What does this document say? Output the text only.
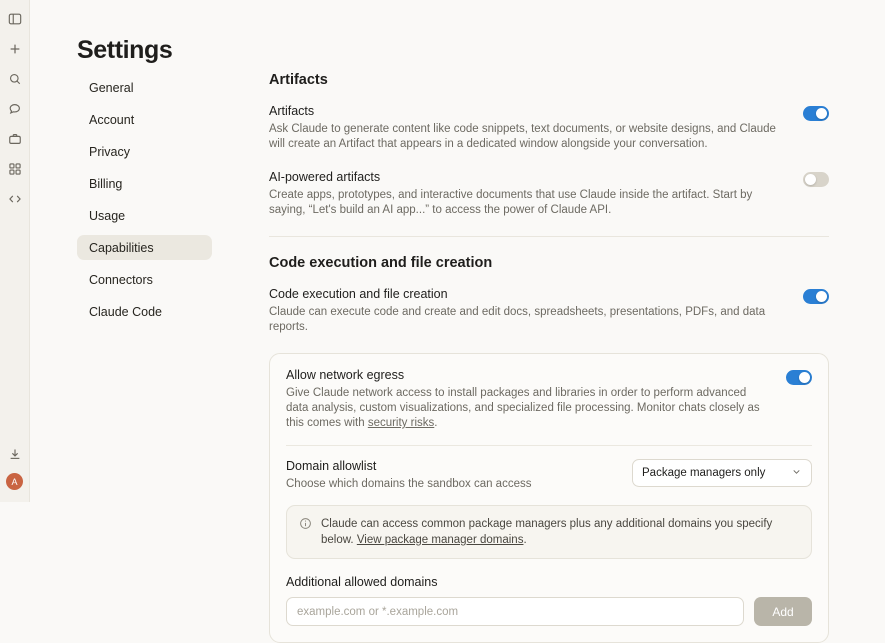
A
Settings
General
Account
Privacy
Billing
Usage
Capabilities
Connectors
Claude Code
Artifacts
Artifacts
Ask Claude to generate content like code snippets, text documents, or website designs, and Claude will create an Artifact that appears in a dedicated window alongside your conversation.
AI-powered artifacts
Create apps, prototypes, and interactive documents that use Claude inside the artifact. Start by saying, “Let's build an AI app...” to access the power of Claude API.
Code execution and file creation
Code execution and file creation
Claude can execute code and create and edit docs, spreadsheets, presentations, PDFs, and data reports.
Allow network egress
Give Claude network access to install packages and libraries in order to perform advanced data analysis, custom visualizations, and specialized file processing. Monitor chats closely as this comes with security risks.
Domain allowlist
Choose which domains the sandbox can access
Package managers only
Claude can access common package managers plus any additional domains you specify below. View package manager domains.
Additional allowed domains
example.com or *.example.com
Add
